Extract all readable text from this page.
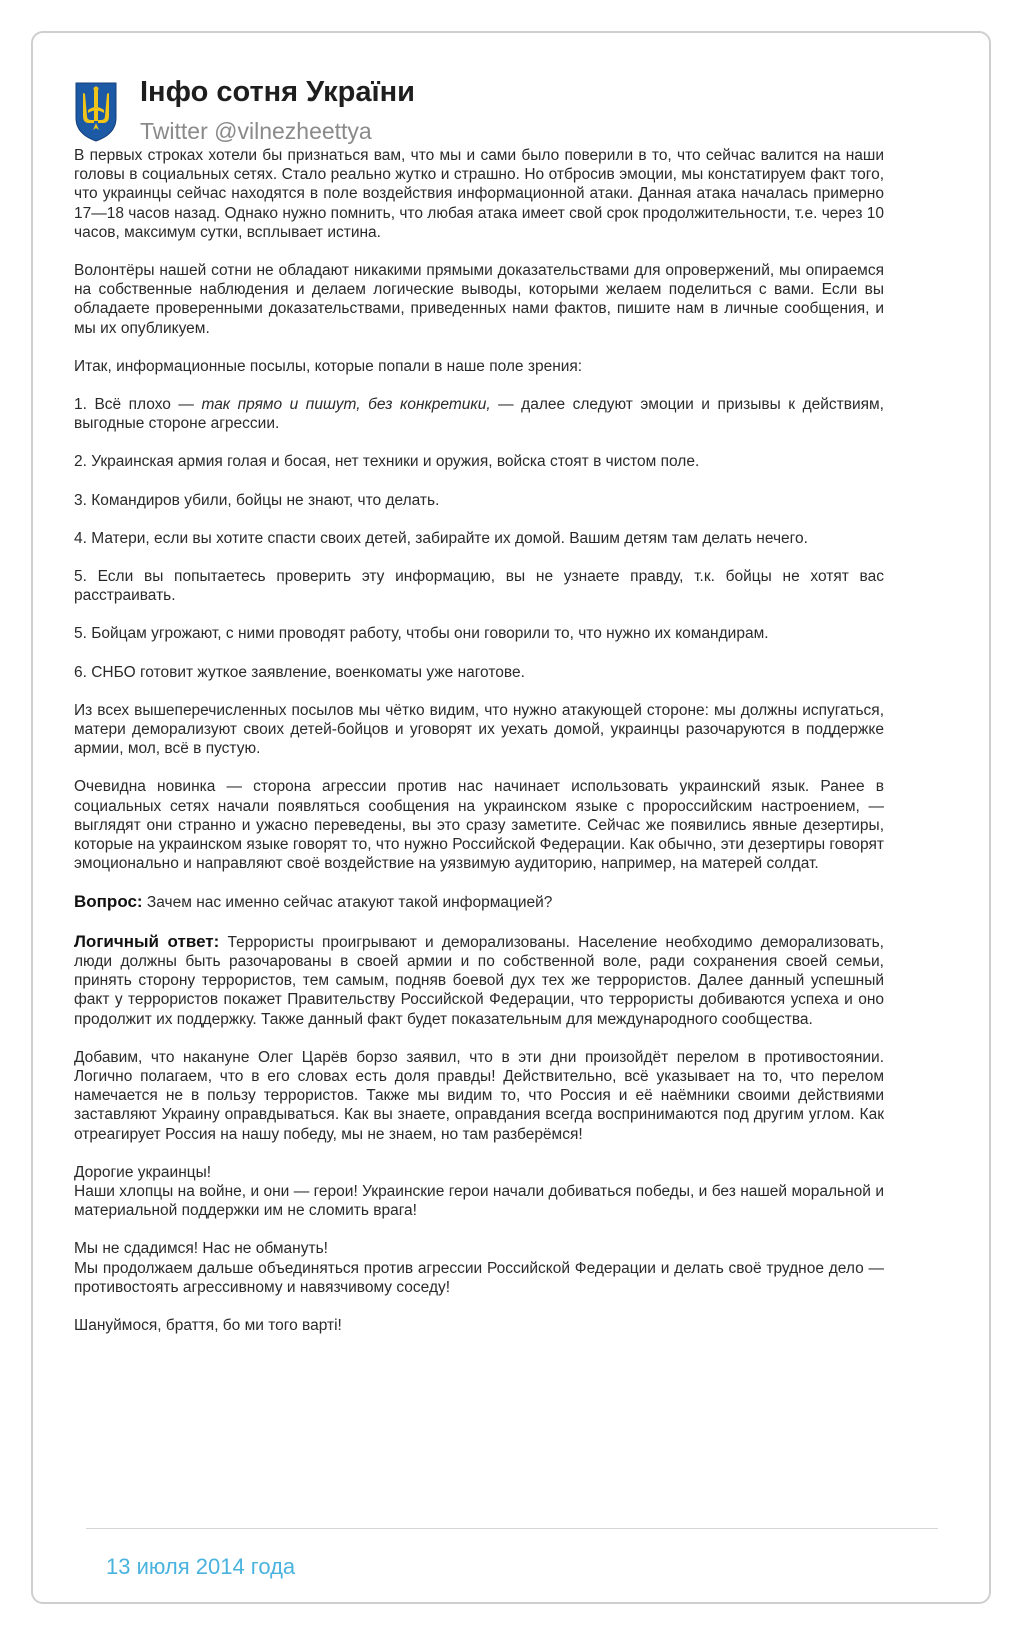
Інфо сотня України
Twitter @vilnezheettya

В первых строках хотели бы признаться вам, что мы и сами было поверили в то, что сейчас валится на наши головы в социальных сетях. Стало реально жутко и страшно. Но отбросив эмоции, мы констатируем факт того, что украинцы сейчас находятся в поле воздействия информационной атаки. Данная атака началась примерно 17—18 часов назад. Однако нужно помнить, что любая атака имеет свой срок продолжительности, т.е. через 10 часов, максимум сутки, всплывает истина.

Волонтёры нашей сотни не обладают никакими прямыми доказательствами для опровержений, мы опираемся на собственные наблюдения и делаем логические выводы, которыми желаем поделиться с вами. Если вы обладаете проверенными доказательствами, приведенных нами фактов, пишите нам в личные сообщения, и мы их опубликуем.

Итак, информационные посылы, которые попали в наше поле зрения:

1. Всё плохо — так прямо и пишут, без конкретики, — далее следуют эмоции и призывы к действиям, выгодные стороне агрессии.

2. Украинская армия голая и босая, нет техники и оружия, войска стоят в чистом поле.

3. Командиров убили, бойцы не знают, что делать.

4. Матери, если вы хотите спасти своих детей, забирайте их домой. Вашим детям там делать нечего.

5. Если вы попытаетесь проверить эту информацию, вы не узнаете правду, т.к. бойцы не хотят вас расстраивать.

5. Бойцам угрожают, с ними проводят работу, чтобы они говорили то, что нужно их командирам.

6. СНБО готовит жуткое заявление, военкоматы уже наготове.

Из всех вышеперечисленных посылов мы чётко видим, что нужно атакующей стороне: мы должны испугаться, матери деморализуют своих детей-бойцов и уговорят их уехать домой, украинцы разочаруются в поддержке армии, мол, всё в пустую.

Очевидна новинка — сторона агрессии против нас начинает использовать украинский язык. Ранее в социальных сетях начали появляться сообщения на украинском языке с пророссийским настроением, — выглядят они странно и ужасно переведены, вы это сразу заметите. Сейчас же появились явные дезертиры, которые на украинском языке говорят то, что нужно Российской Федерации. Как обычно, эти дезертиры говорят эмоционально и направляют своё воздействие на уязвимую аудиторию, например, на матерей солдат.

Вопрос: Зачем нас именно сейчас атакуют такой информацией?

Логичный ответ: Террористы проигрывают и деморализованы. Население необходимо деморализовать, люди должны быть разочарованы в своей армии и по собственной воле, ради сохранения своей семьи, принять сторону террористов, тем самым, подняв боевой дух тех же террористов. Далее данный успешный факт у террористов покажет Правительству Российской Федерации, что террористы добиваются успеха и оно продолжит их поддержку. Также данный факт будет показательным для международного сообщества.

Добавим, что накануне Олег Царёв борзо заявил, что в эти дни произойдёт перелом в противостоянии. Логично полагаем, что в его словах есть доля правды! Действительно, всё указывает на то, что перелом намечается не в пользу террористов. Также мы видим то, что Россия и её наёмники своими действиями заставляют Украину оправдываться. Как вы знаете, оправдания всегда воспринимаются под другим углом. Как отреагирует Россия на нашу победу, мы не знаем, но там разберёмся!

Дорогие украинцы!

Наши хлопцы на войне, и они — герои! Украинские герои начали добиваться победы, и без нашей моральной и материальной поддержки им не сломить врага!

Мы не сдадимся! Нас не обмануть!

Мы продолжаем дальше объединяться против агрессии Российской Федерации и делать своё трудное дело — противостоять агрессивному и навязчивому соседу!

Шануймося, браття, бо ми того варті!

13 июля 2014 года
